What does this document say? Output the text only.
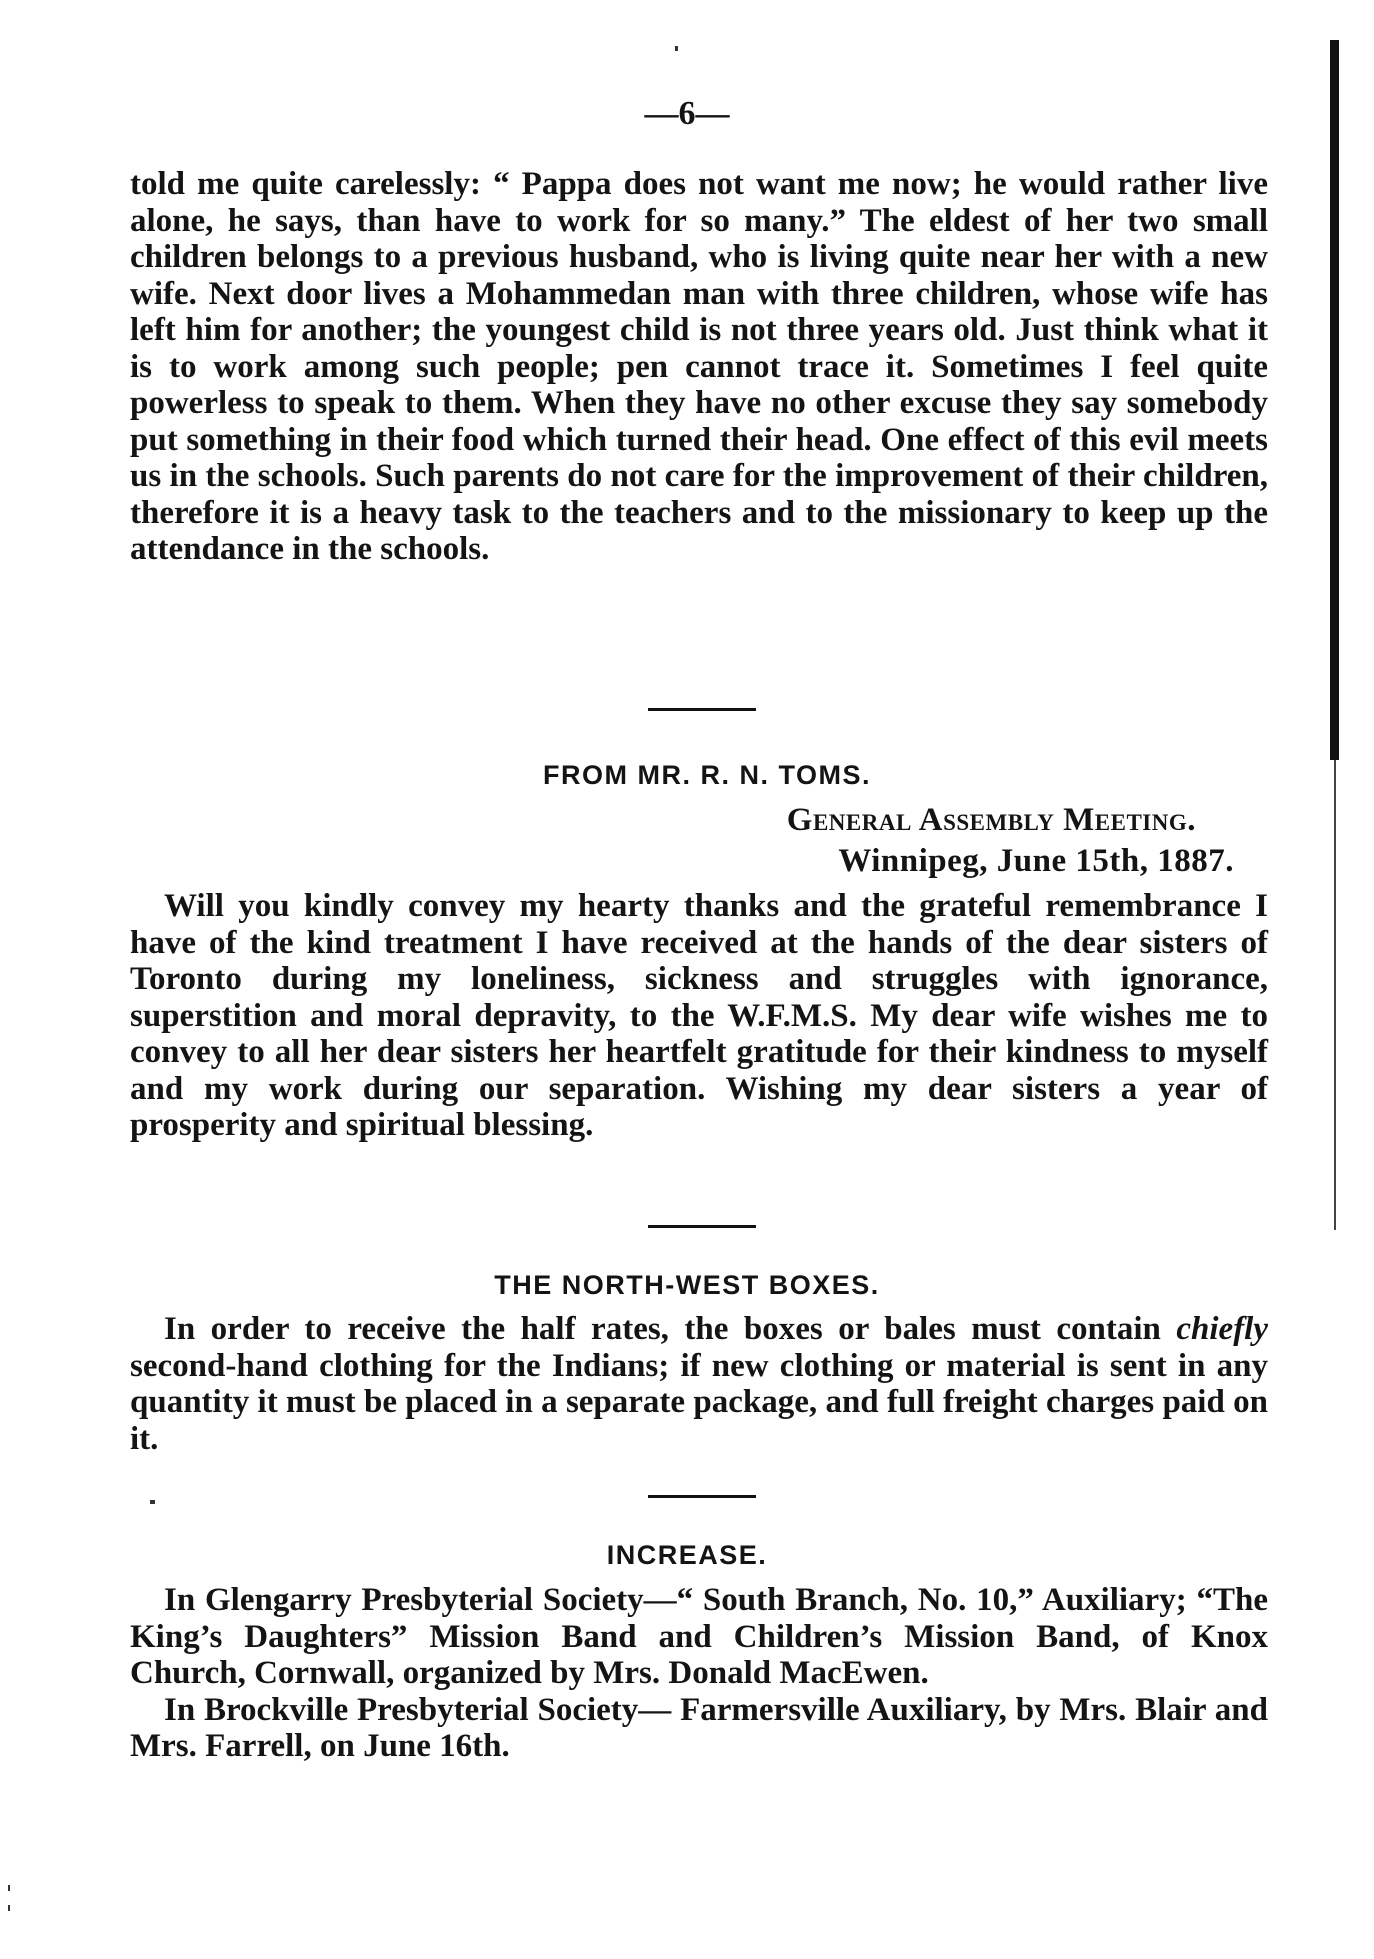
—6—

told me quite carelessly: “ Pappa does not want me now; he would rather live alone, he says, than have to work for so many.” The eldest of her two small children belongs to a previous husband, who is living quite near her with a new wife. Next door lives a Mohammedan man with three children, whose wife has left him for another; the youngest child is not three years old. Just think what it is to work among such people; pen cannot trace it. Sometimes I feel quite powerless to speak to them. When they have no other excuse they say somebody put something in their food which turned their head. One effect of this evil meets us in the schools. Such parents do not care for the improvement of their children, therefore it is a heavy task to the teachers and to the missionary to keep up the attendance in the schools.

FROM MR. R. N. TOMS.
General Assembly Meeting.
Winnipeg, June 15th, 1887.

Will you kindly convey my hearty thanks and the grateful remembrance I have of the kind treatment I have received at the hands of the dear sisters of Toronto during my loneliness, sickness and struggles with ignorance, superstition and moral depravity, to the W.F.M.S. My dear wife wishes me to convey to all her dear sisters her heartfelt gratitude for their kindness to myself and my work during our separation. Wishing my dear sisters a year of prosperity and spiritual blessing.

THE NORTH-WEST BOXES.

In order to receive the half rates, the boxes or bales must contain chiefly second-hand clothing for the Indians; if new clothing or material is sent in any quantity it must be placed in a separate package, and full freight charges paid on it.

INCREASE.

In Glengarry Presbyterial Society—“ South Branch, No. 10,” Auxiliary; “The King’s Daughters” Mission Band and Children’s Mission Band, of Knox Church, Cornwall, organized by Mrs. Donald MacEwen.

In Brockville Presbyterial Society— Farmersville Auxiliary, by Mrs. Blair and Mrs. Farrell, on June 16th.
